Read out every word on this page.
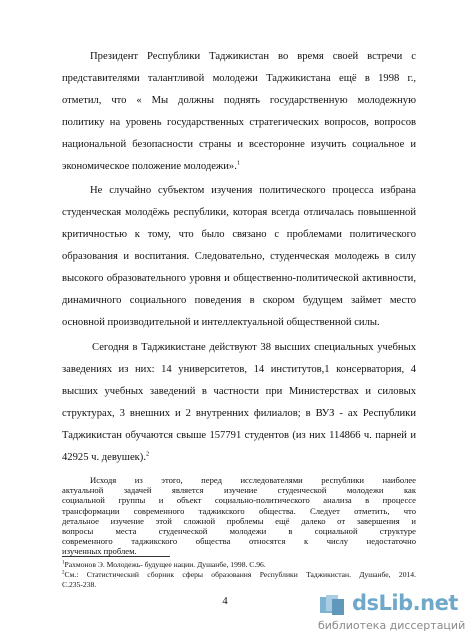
Президент Республики Таджикистан во время своей встречи с
представителями талантливой молодежи Таджикистана ещё в 1998 г.,
отметил, что « Мы должны поднять государственную молодежную
политику на уровень государственных стратегических вопросов, вопросов
национальной безопасности страны и всесторонне изучить социальное и
экономическое положение молодежи».$^1$
Не случайно субъектом изучения политического процесса избрана
студенческая молодёжь республики, которая всегда отличалась повышенной
критичностью к тому, что было связано с проблемами политического
образования и воспитания. Следовательно, студенческая молодежь в силу
высокого образовательного уровня и общественно-политической активности,
динамичного социального поведения в скором будущем займет место
основной производительной и интеллектуальной общественной силы.
Сегодня в Таджикистане действуют 38 высших специальных учебных
заведениях из них: 14 университетов, 14 институтов,1 консерватория, 4
высших учебных заведений в частности при Министерствах и силовых
структурах, 3 внешних и 2 внутренних филиалов; в ВУЗ - ах Республики
Таджикистан обучаются свыше 157791 студентов (из них 114866 ч. парней и
42925 ч. девушек).$^2$
Исходя из этого, перед исследователями республики наиболее
актуальной задачей является изучение студенческой молодежи как
социальной группы и объект социально-политического анализа в процессе
трансформации современного таджикского общества. Следует отметить, что
детальное изучение этой сложной проблемы ещё далеко от завершения и
вопросы места студенческой молодежи в социальной структуре
современного таджикского общества относятся к числу недостаточно
изученных проблем.
$^1$Рахмонов Э. Молодежь- будущее нации. Душанбе, 1998. С.96.
$^2$См.: Статистический сборник сферы образования Республики Таджикистан. Душанбе, 2014.
С.235-238.
4	dsLib.net
библиотека диссертаций
